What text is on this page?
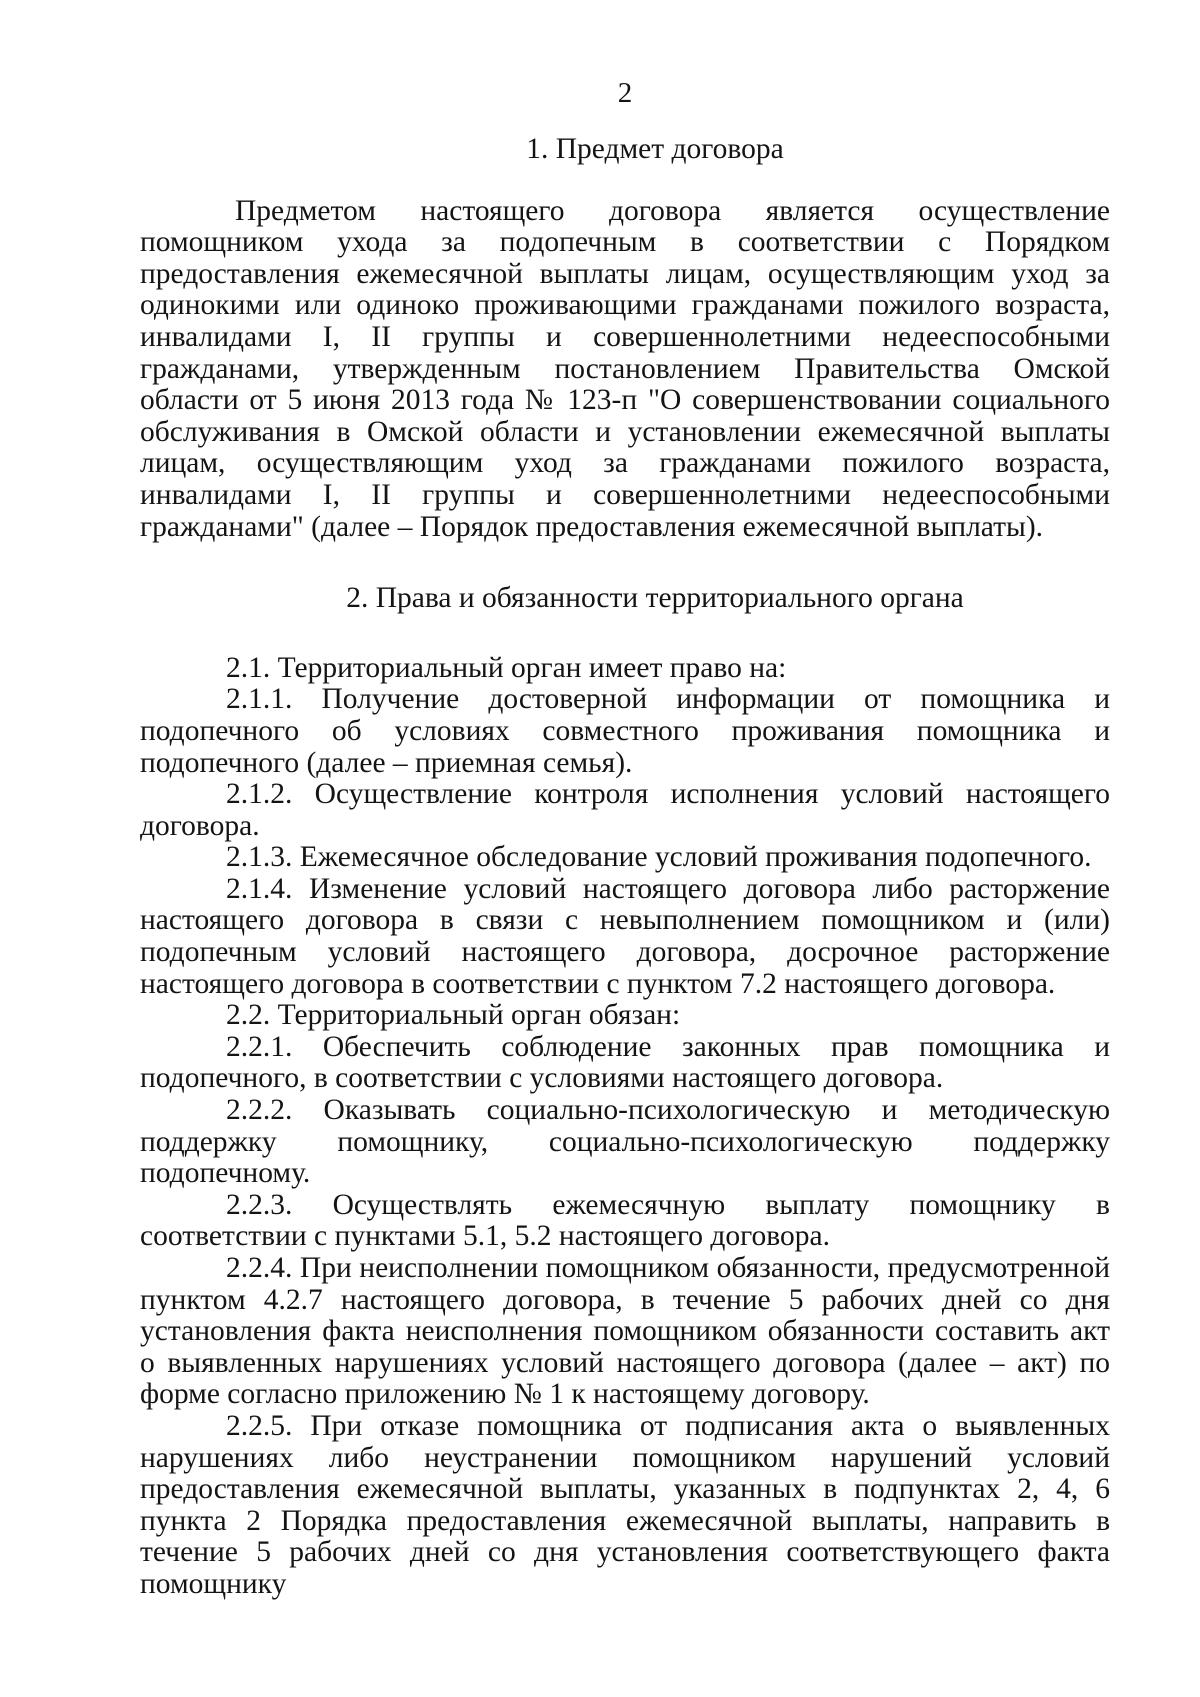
2

1. Предмет договора

Предметом настоящего договора является осуществление помощником ухода за подопечным в соответствии с Порядком предоставления ежемесячной выплаты лицам, осуществляющим уход за одинокими или одиноко проживающими гражданами пожилого возраста, инвалидами I, II группы и совершеннолетними недееспособными гражданами, утвержденным постановлением Правительства Омской области от 5 июня 2013 года № 123-п "О совершенствовании социального обслуживания в Омской области и установлении ежемесячной выплаты лицам, осуществляющим уход за гражданами пожилого возраста, инвалидами I, II группы и совершеннолетними недееспособными гражданами" (далее – Порядок предоставления ежемесячной выплаты).

2. Права и обязанности территориального органа

2.1. Территориальный орган имеет право на:

2.1.1. Получение достоверной информации от помощника и подопечного об условиях совместного проживания помощника и подопечного (далее – приемная семья).

2.1.2. Осуществление контроля исполнения условий настоящего договора.

2.1.3. Ежемесячное обследование условий проживания подопечного.

2.1.4. Изменение условий настоящего договора либо расторжение настоящего договора в связи с невыполнением помощником и (или) подопечным условий настоящего договора, досрочное расторжение настоящего договора в соответствии с пунктом 7.2 настоящего договора.

2.2. Территориальный орган обязан:

2.2.1. Обеспечить соблюдение законных прав помощника и подопечного, в соответствии с условиями настоящего договора.

2.2.2. Оказывать социально-психологическую и методическую поддержку помощнику, социально-психологическую поддержку подопечному.

2.2.3. Осуществлять ежемесячную выплату помощнику в соответствии с пунктами 5.1, 5.2 настоящего договора.

2.2.4. При неисполнении помощником обязанности, предусмотренной пунктом 4.2.7 настоящего договора, в течение 5 рабочих дней со дня установления факта неисполнения помощником обязанности составить акт о выявленных нарушениях условий настоящего договора (далее – акт) по форме согласно приложению № 1 к настоящему договору.

2.2.5. При отказе помощника от подписания акта о выявленных нарушениях либо неустранении помощником нарушений условий предоставления ежемесячной выплаты, указанных в подпунктах 2, 4, 6 пункта 2 Порядка предоставления ежемесячной выплаты, направить в течение 5 рабочих дней со дня установления соответствующего факта помощнику
